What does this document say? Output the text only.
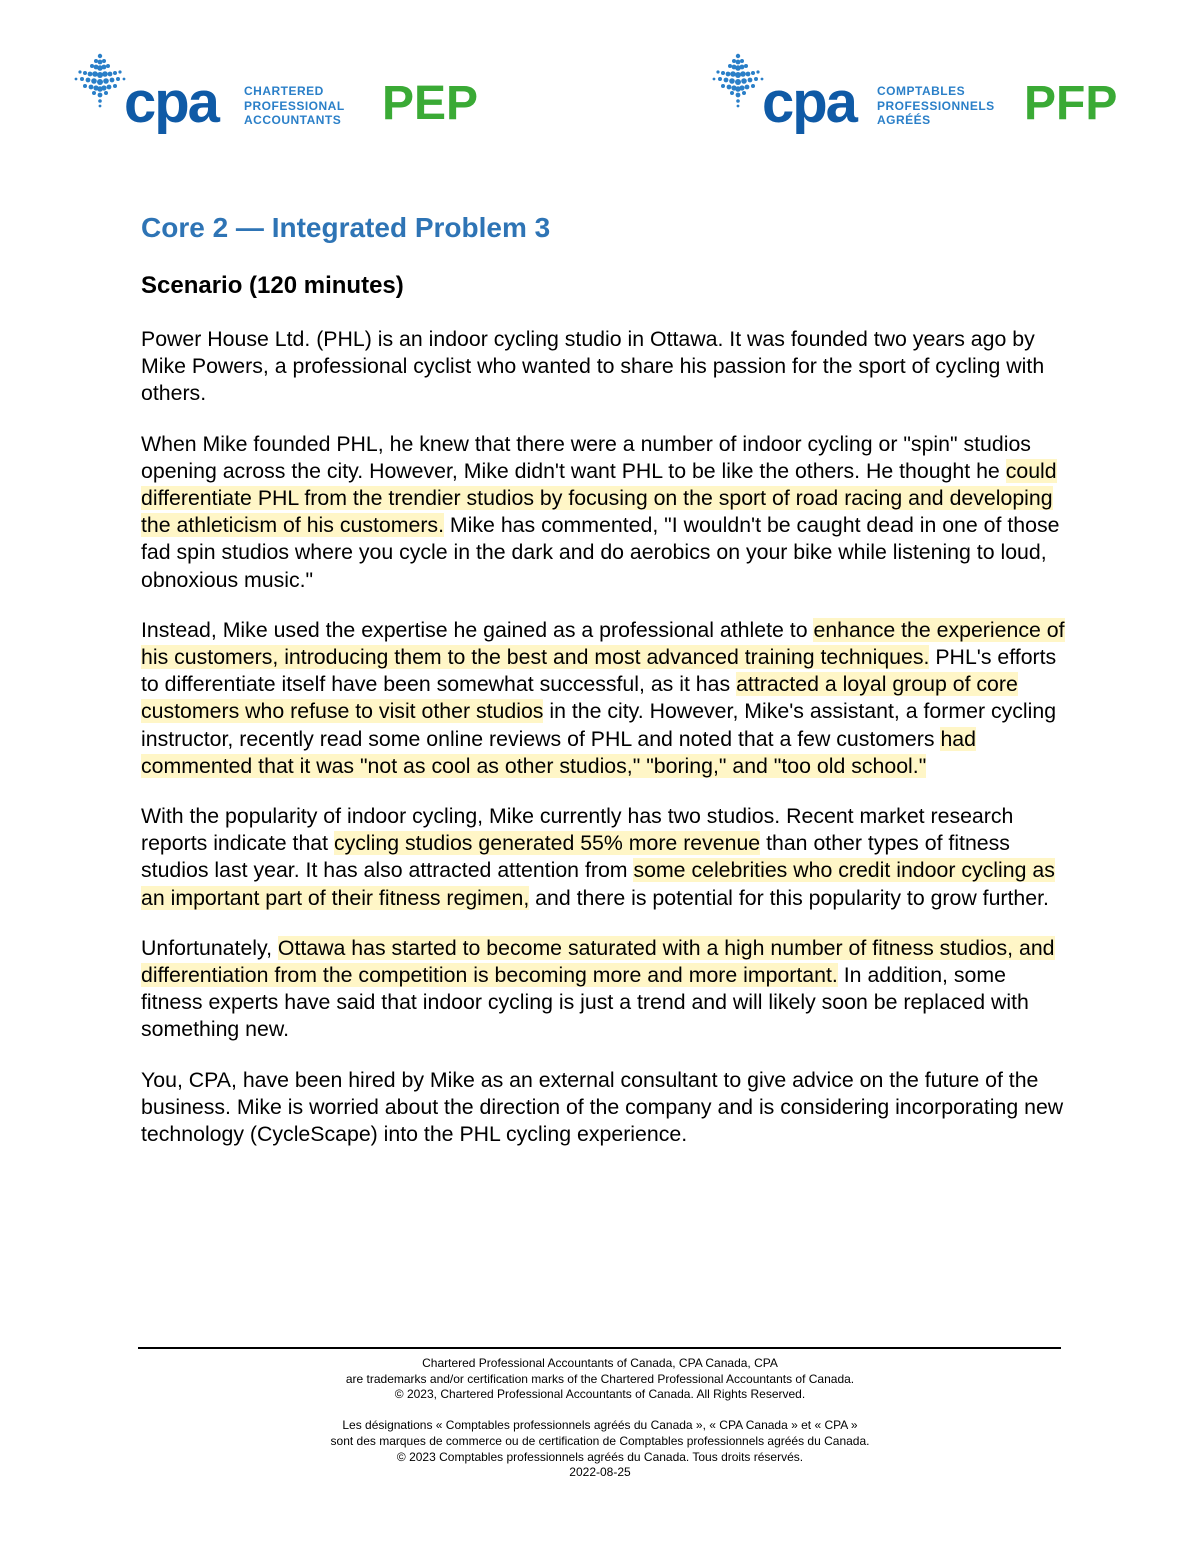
cpa CHARTERED
PROFESSIONAL
ACCOUNTANTS PEP	cpa COMPTABLES
PROFESSIONNELS
AGRÉÉS	PFP
Core 2 — Integrated Problem 3
Scenario (120 minutes)

Power House Ltd. (PHL) is an indoor cycling studio in Ottawa. It was founded two years ago by Mike Powers, a professional cyclist who wanted to share his passion for the sport of cycling with others.

When Mike founded PHL, he knew that there were a number of indoor cycling or "spin" studios opening across the city. However, Mike didn't want PHL to be like the others. He thought he could differentiate PHL from the trendier studios by focusing on the sport of road racing and developing the athleticism of his customers. Mike has commented, "I wouldn't be caught dead in one of those fad spin studios where you cycle in the dark and do aerobics on your bike while listening to loud, obnoxious music."

Instead, Mike used the expertise he gained as a professional athlete to enhance the experience of his customers, introducing them to the best and most advanced training techniques. PHL's efforts to differentiate itself have been somewhat successful, as it has attracted a loyal group of core customers who refuse to visit other studios in the city. However, Mike's assistant, a former cycling instructor, recently read some online reviews of PHL and noted that a few customers had commented that it was "not as cool as other studios," "boring," and "too old school."

With the popularity of indoor cycling, Mike currently has two studios. Recent market research reports indicate that cycling studios generated 55% more revenue than other types of fitness studios last year. It has also attracted attention from some celebrities who credit indoor cycling as an important part of their fitness regimen, and there is potential for this popularity to grow further.

Unfortunately, Ottawa has started to become saturated with a high number of fitness studios, and differentiation from the competition is becoming more and more important. In addition, some fitness experts have said that indoor cycling is just a trend and will likely soon be replaced with something new.

You, CPA, have been hired by Mike as an external consultant to give advice on the future of the business. Mike is worried about the direction of the company and is considering incorporating new technology (CycleScape) into the PHL cycling experience.

Chartered Professional Accountants of Canada, CPA Canada, CPA
are trademarks and/or certification marks of the Chartered Professional Accountants of Canada.
© 2023, Chartered Professional Accountants of Canada. All Rights Reserved.
Les désignations « Comptables professionnels agréés du Canada », « CPA Canada » et « CPA »
sont des marques de commerce ou de certification de Comptables professionnels agréés du Canada.
© 2023 Comptables professionnels agréés du Canada. Tous droits réservés.
2022-08-25
